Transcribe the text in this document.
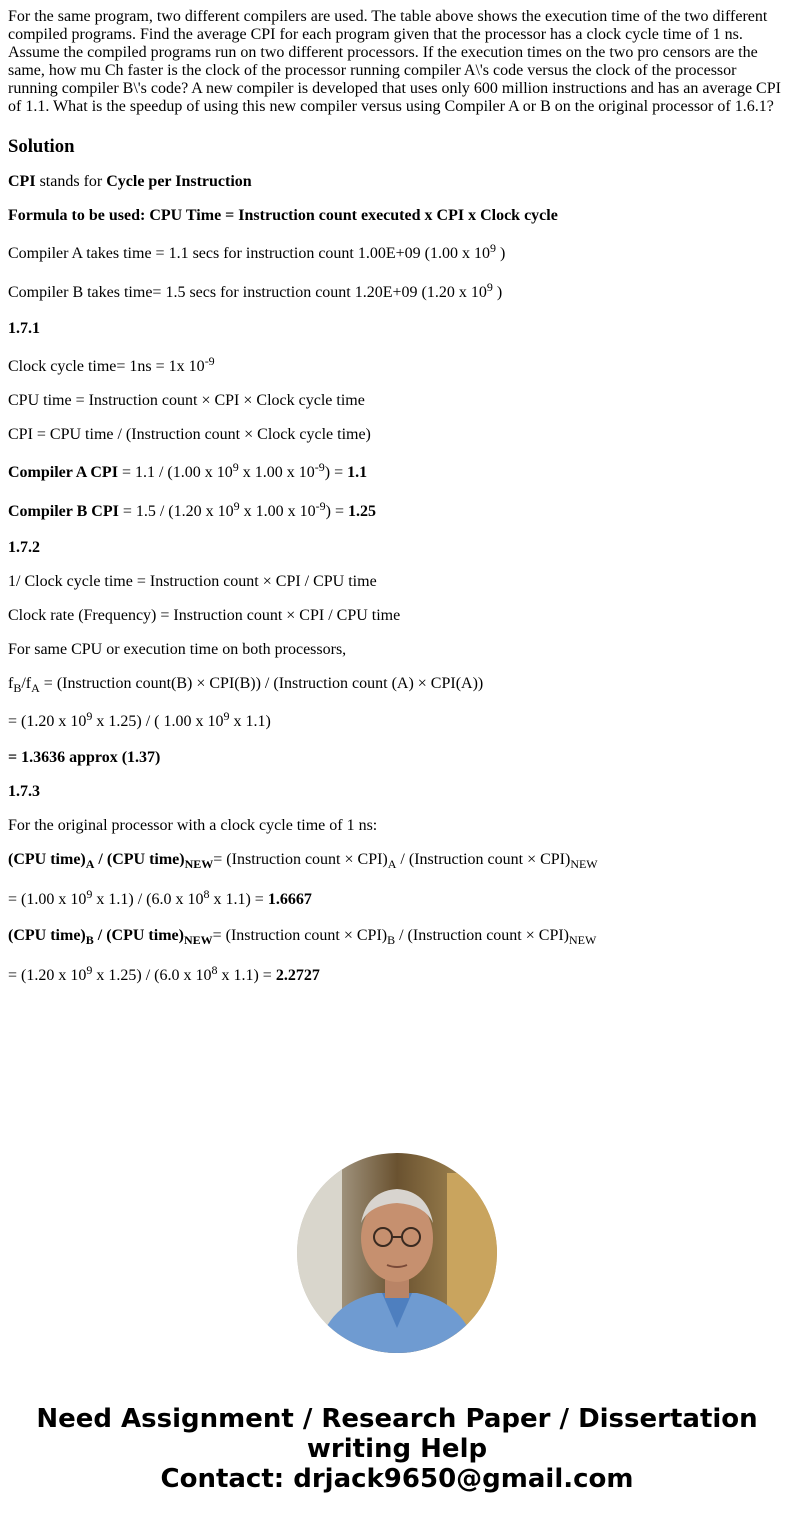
For the same program, two different compilers are used. The table above shows the execution time of the two different compiled programs. Find the average CPI for each program given that the processor has a clock cycle time of 1 ns. Assume the compiled programs run on two different processors. If the execution times on the two pro censors are the same, how mu Ch faster is the clock of the processor running compiler A\'s code versus the clock of the processor running compiler B\'s code? A new compiler is developed that uses only 600 million instructions and has an average CPI of 1.1. What is the speedup of using this new compiler versus using Compiler A or B on the original processor of 1.6.1?

Solution

CPI stands for Cycle per Instruction

Formula to be used: CPU Time = Instruction count executed x CPI x Clock cycle

Compiler A takes time = 1.1 secs for instruction count 1.00E+09 (1.00 x $10^9$ )

Compiler B takes time= 1.5 secs for instruction count 1.20E+09 (1.20 x $10^9$ )

1.7.1

Clock cycle time= 1ns = 1x $10^{-9}$

CPU time = Instruction count × CPI × Clock cycle time

CPI = CPU time / (Instruction count × Clock cycle time)

Compiler A CPI = 1.1 / (1.00 x $10^9$ x 1.00 x $10^{-9}) = 1.1$

Compiler B CPI = 1.5 / (1.20 x $10^9$ x 1.00 x $10^{-9}) = 1.25$

1.7.2

1/ Clock cycle time = Instruction count × CPI / CPU time

Clock rate (Frequency) = Instruction count × CPI / CPU time

For same CPU or execution time on both processors,

$f_B/f_A$ = (Instruction count(B) × CPI(B)) / (Instruction count (A) × CPI(A))

= (1.20 x $10^9$ x 1.25) / ( 1.00 x $10^9$ x 1.1)

= 1.3636 approx (1.37)

1.7.3

For the original processor with a clock cycle time of 1 ns:

(CPU $time)_A / (CPU$ $time)_{NEW}=$ (Instruction count × $CPI)_A$ / (Instruction count × $CPI)_{NEW}$

= (1.00 x $10^9$ x 1.1) / (6.0 x $10^8$ x 1.1) = 1.6667

(CPU $time)_B / (CPU$ $time)_{NEW}=$ (Instruction count × $CPI)_B$ / (Instruction count × $CPI)_{NEW}$

= (1.20 x $10^9$ x 1.25) / (6.0 x $10^8$ x 1.1) = 2.2727

Need Assignment / Research Paper / Dissertation
writing Help
Contact: drjack9650@gmail.com
